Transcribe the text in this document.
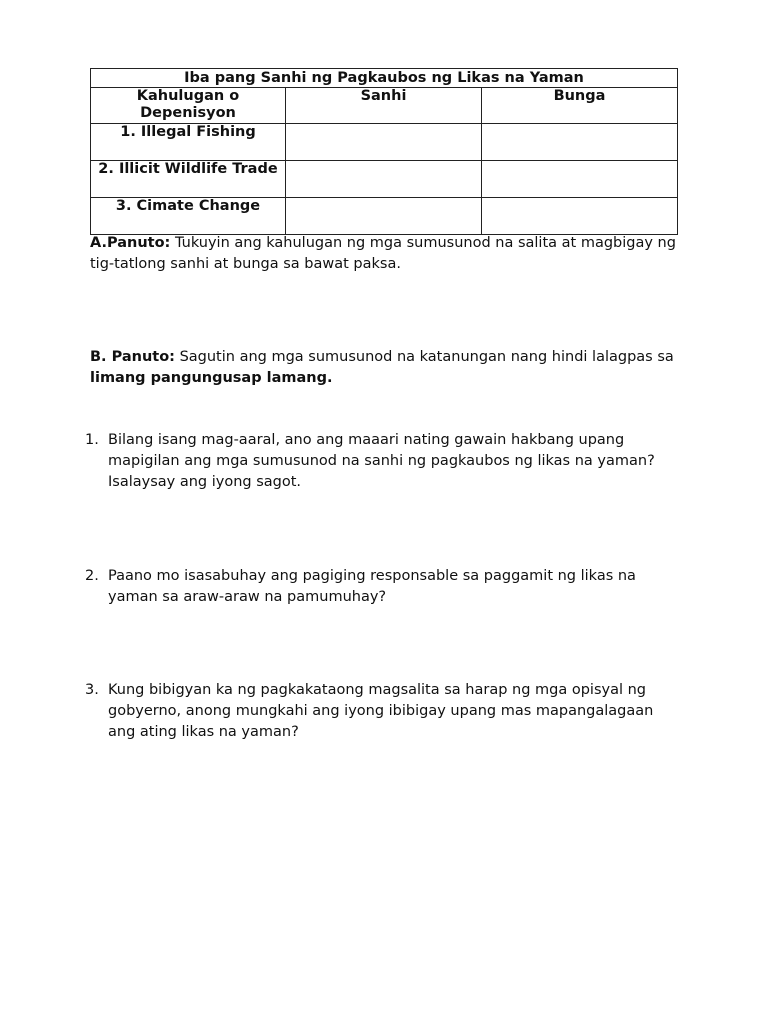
Iba pang Sanhi ng Pagkaubos ng Likas na Yaman		
Kahulugan o Depenisyon	Sanhi	Bunga
1. Illegal Fishing		
2. Illicit Wildlife Trade		
3. Cimate Change		
A.Panuto: Tukuyin ang kahulugan ng mga sumusunod na salita at magbigay ng tig-tatlong sanhi at bunga sa bawat paksa.
B. Panuto: Sagutin ang mga sumusunod na katanungan nang hindi lalagpas sa limang pangungusap lamang.
1. Bilang isang mag-aaral, ano ang maaari nating gawain hakbang upang mapigilan ang mga sumusunod na sanhi ng pagkaubos ng likas na yaman? Isalaysay ang iyong sagot.
2. Paano mo isasabuhay ang pagiging responsable sa paggamit ng likas na yaman sa araw-araw na pamumuhay?
3. Kung bibigyan ka ng pagkakataong magsalita sa harap ng mga opisyal ng gobyerno, anong mungkahi ang iyong ibibigay upang mas mapangalagaan ang ating likas na yaman?
